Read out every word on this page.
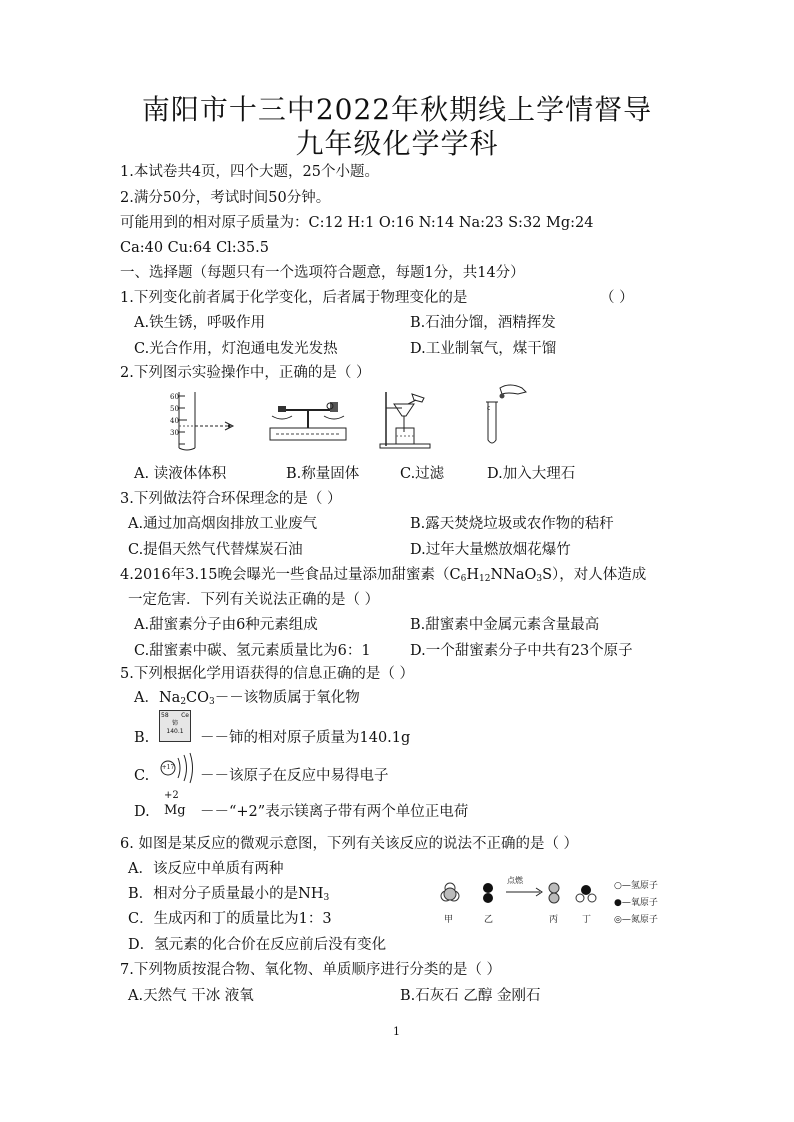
南阳市十三中2022年秋期线上学情督导
九年级化学学科
1.本试卷共4页，四个大题，25个小题。
2.满分50分，考试时间50分钟。
可能用到的相对原子质量为：C:12 H:1 O:16 N:14 Na:23 S:32 Mg:24
Ca:40 Cu:64 Cl:35.5
一、选择题（每题只有一个选项符合题意，每题1分，共14分）
1.下列变化前者属于化学变化，后者属于物理变化的是	（ ）
A.铁生锈，呼吸作用	B.石油分馏，酒精挥发
C.光合作用，灯泡通电发光发热	D.工业制氧气，煤干馏
2.下列图示实验操作中，正确的是（ ）
60
50
40
30
c
A. 读液体体积	B.称量固体	C.过滤	D.加入大理石
3.下列做法符合环保理念的是（ ）
A.通过加高烟囱排放工业废气	B.露天焚烧垃圾或农作物的秸秆
C.提倡天然气代替煤炭石油	D.过年大量燃放烟花爆竹
4.2016年3.15晚会曝光一些食品过量添加甜蜜素$(C_6H_{12}NNaO_3S)$，对人体造成
一定危害．下列有关说法正确的是（ ）
A.甜蜜素分子由6种元素组成	B.甜蜜素中金属元素含量最高
C.甜蜜素中碳、氢元素质量比为6：1	D.一个甜蜜素分子中共有23个原子
5.下列根据化学用语获得的信息正确的是（ ）
A．$Na_2CO_3--$该物质属于氧化物
B.
58 Ce
铈
140.1	－－铈的相对原子质量为140.1g
C.
+17
－－该原子在反应中易得电子
D.
+2
Mg －－“+2”表示镁离子带有两个单位正电荷
6. 如图是某反应的微观示意图，下列有关该反应的说法不正确的是（ ）
A．该反应中单质有两种
B．相对分子质量最小的是$NH_3$
C．生成丙和丁的质量比为1：3
D．氢元素的化合价在反应前后没有变化
点燃
甲	乙	丙	丁
○—氢原子
●—氧原子
◎—氮原子
7.下列物质按混合物、氧化物、单质顺序进行分类的是（ ）
A.天然气 干冰 液氧	B.石灰石 乙醇 金刚石
1
